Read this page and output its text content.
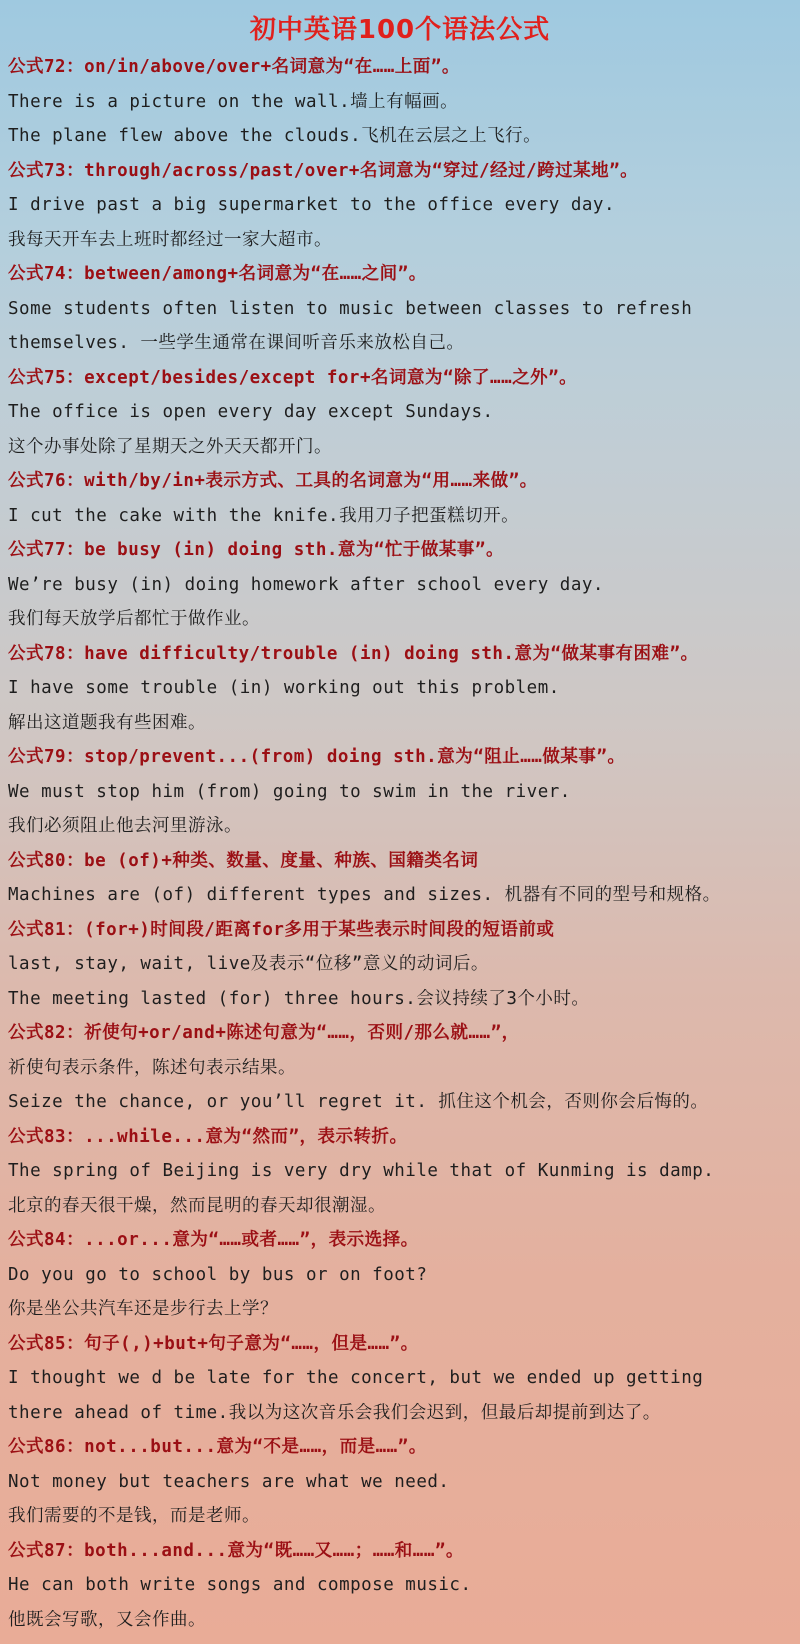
初中英语100个语法公式
公式72：on/in/above/over+名词意为“在……上面”。
There is a picture on the wall.墙上有幅画。
The plane flew above the clouds.飞机在云层之上飞行。
公式73：through/across/past/over+名词意为“穿过/经过/跨过某地”。
I drive past a big supermarket to the office every day.
我每天开车去上班时都经过一家大超市。
公式74：between/among+名词意为“在……之间”。
Some students often listen to music between classes to refresh
themselves. 一些学生通常在课间听音乐来放松自己。
公式75：except/besides/except for+名词意为“除了……之外”。
The office is open every day except Sundays.
这个办事处除了星期天之外天天都开门。
公式76：with/by/in+表示方式、工具的名词意为“用……来做”。
I cut the cake with the knife.我用刀子把蛋糕切开。
公式77：be busy (in) doing sth.意为“忙于做某事”。
We’re busy (in) doing homework after school every day.
我们每天放学后都忙于做作业。
公式78：have difficulty/trouble (in) doing sth.意为“做某事有困难”。
I have some trouble (in) working out this problem.
解出这道题我有些困难。
公式79：stop/prevent...(from) doing sth.意为“阻止……做某事”。
We must stop him (from) going to swim in the river.
我们必须阻止他去河里游泳。
公式80：be (of)+种类、数量、度量、种族、国籍类名词
Machines are (of) different types and sizes. 机器有不同的型号和规格。
公式81：(for+)时间段/距离for多用于某些表示时间段的短语前或
last, stay, wait, live及表示“位移”意义的动词后。
The meeting lasted (for) three hours.会议持续了3个小时。
公式82：祈使句+or/and+陈述句意为“……，否则/那么就……”，
祈使句表示条件，陈述句表示结果。
Seize the chance, or you’ll regret it. 抓住这个机会，否则你会后悔的。
公式83：...while...意为“然而”，表示转折。
The spring of Beijing is very dry while that of Kunming is damp.
北京的春天很干燥，然而昆明的春天却很潮湿。
公式84：...or...意为“……或者……”，表示选择。
Do you go to school by bus or on foot?
你是坐公共汽车还是步行去上学？
公式85：句子(,)+but+句子意为“……，但是……”。
I thought we d be late for the concert, but we ended up getting
there ahead of time.我以为这次音乐会我们会迟到，但最后却提前到达了。
公式86：not...but...意为“不是……，而是……”。
Not money but teachers are what we need.
我们需要的不是钱，而是老师。
公式87：both...and...意为“既……又……；……和……”。
He can both write songs and compose music.
他既会写歌，又会作曲。
